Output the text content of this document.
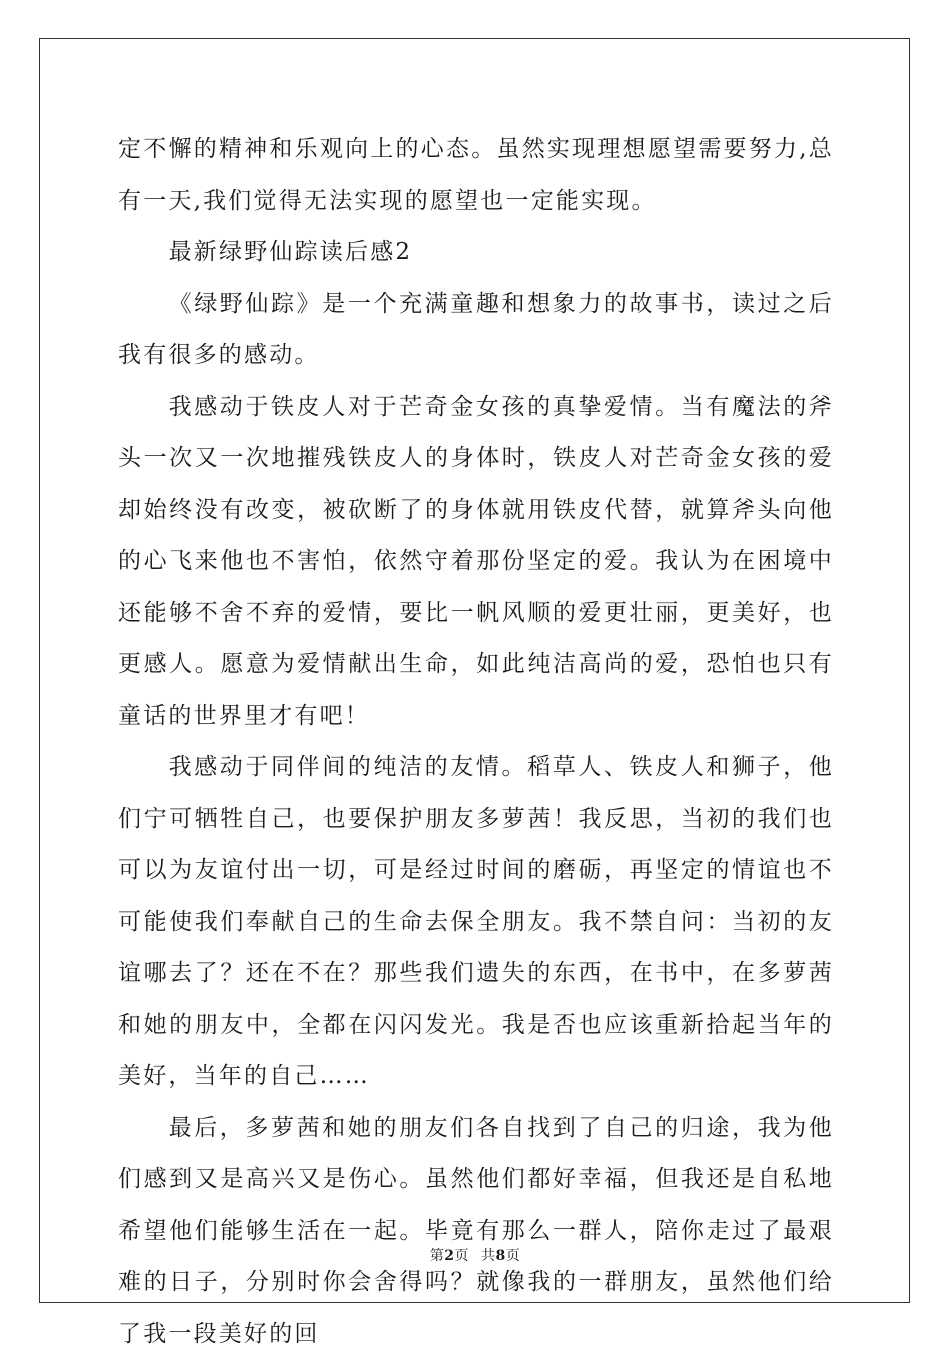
定不懈的精神和乐观向上的心态。虽然实现理想愿望需要努力,总有一天,我们觉得无法实现的愿望也一定能实现。

最新绿野仙踪读后感2

《绿野仙踪》是一个充满童趣和想象力的故事书，读过之后我有很多的感动。

我感动于铁皮人对于芒奇金女孩的真挚爱情。当有魔法的斧头一次又一次地摧残铁皮人的身体时，铁皮人对芒奇金女孩的爱却始终没有改变，被砍断了的身体就用铁皮代替，就算斧头向他的心飞来他也不害怕，依然守着那份坚定的爱。我认为在困境中还能够不舍不弃的爱情，要比一帆风顺的爱更壮丽，更美好，也更感人。愿意为爱情献出生命，如此纯洁高尚的爱，恐怕也只有童话的世界里才有吧！

我感动于同伴间的纯洁的友情。稻草人、铁皮人和狮子，他们宁可牺牲自己，也要保护朋友多萝茜！我反思，当初的我们也可以为友谊付出一切，可是经过时间的磨砺，再坚定的情谊也不可能使我们奉献自己的生命去保全朋友。我不禁自问：当初的友谊哪去了？还在不在？那些我们遗失的东西，在书中，在多萝茜和她的朋友中，全都在闪闪发光。我是否也应该重新拾起当年的美好，当年的自己……

最后，多萝茜和她的朋友们各自找到了自己的归途，我为他们感到又是高兴又是伤心。虽然他们都好幸福，但我还是自私地希望他们能够生活在一起。毕竟有那么一群人，陪你走过了最艰难的日子，分别时你会舍得吗？就像我的一群朋友，虽然他们给了我一段美好的回

第2页 共8页
